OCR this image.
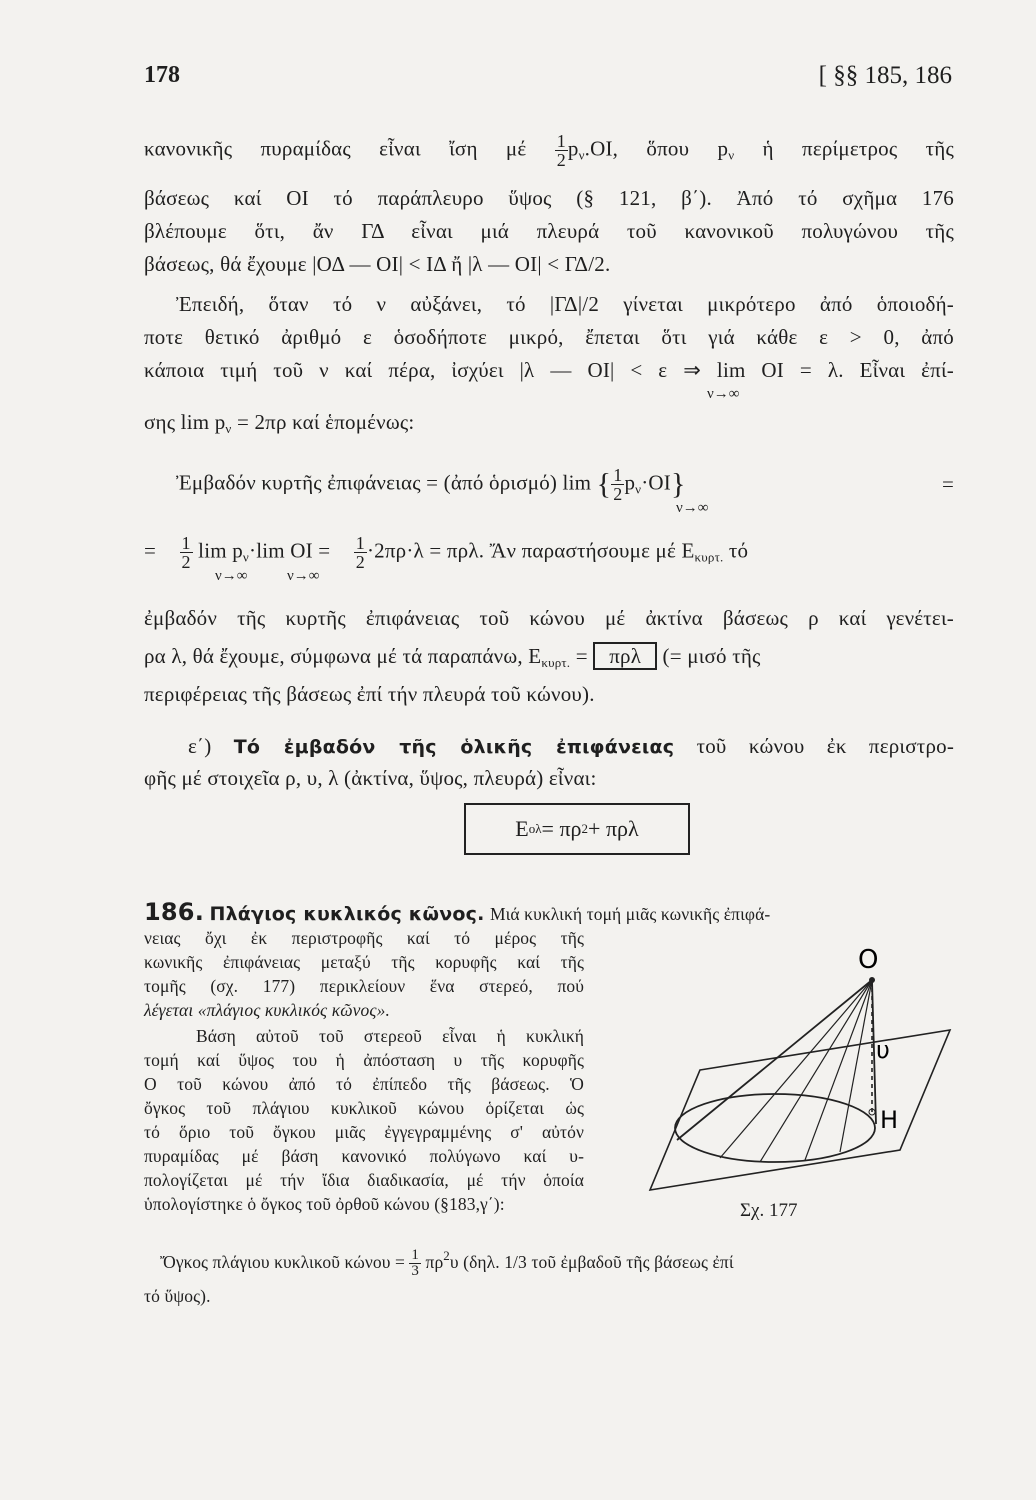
178	[ §§ 185, 186
κανονικῆς πυραμίδας εἶναι ἴση μέ $\frac{1}{2} p_\nu.OI$, ὅπου $p_\nu$ ἡ περίμετρος τῆς
βάσεως καί ΟΙ τό παράπλευρο ὕψος (§ 121, β΄). Ἀπό τό σχῆμα 176
βλέπουμε ὅτι, ἄν ΓΔ εἶναι μιά πλευρά τοῦ κανονικοῦ πολυγώνου τῆς
βάσεως, θά ἔχουμε |ΟΔ — ΟΙ| < ΙΔ ἤ |λ — ΟΙ| < ΓΔ/2.
Ἐπειδή, ὅταν τό ν αὐξάνει, τό |ΓΔ|/2 γίνεται μικρότερο ἀπό ὁποιοδή-
ποτε θετικό ἀριθμό ε ὁσοδήποτε μικρό, ἔπεται ὅτι γιά κάθε ε > 0, ἀπό
κάποια τιμή τοῦ ν καί πέρα, ἰσχύει |λ — ΟΙ| < ε ⇒ lim ΟΙ = λ. Εἶναι ἐπί-
ν→∞
σης $\lim p_\nu = 2\pi\rho$ καί ἑπομένως:
Ἐμβαδόν κυρτῆς ἐπιφάνειας = (ἀπό ὁρισμό) lim { $\frac{1}{2} p_\nu\cdot OI$}	=
ν→∞
= $\frac{1}{2}$ $\lim p_\nu\cdot\lim$ $OI = \frac{1}{2} \cdot 2\pi\rho\cdot\lambda = \pi\rho\lambda$. Ἄν παραστήσουμε μέ $E_{\kappa\upsilon\rho\tau.}$ τό
ν→∞	ν→∞
ἐμβαδόν τῆς κυρτῆς ἐπιφάνειας τοῦ κώνου μέ ἀκτίνα βάσεως ρ καί γενέτει-
ρα λ, θά ἔχουμε, σύμφωνα μέ τά παραπάνω, $E_{\kappa\upsilon\rho\tau.} = \pi\rho\lambda$ (= μισό τῆς
περιφέρειας τῆς βάσεως ἐπί τήν πλευρά τοῦ κώνου).
ε΄) Τό ἐμβαδόν τῆς ὁλικῆς ἐπιφάνειας τοῦ κώνου ἐκ περιστρο-
φῆς μέ στοιχεῖα ρ, υ, λ (ἀκτίνα, ὕψος, πλευρά) εἶναι:
Ε ολ = πρ 2 + πρλ
186. Πλάγιος κυκλικός κῶνος. Μιά κυκλική τομή μιᾶς κωνικῆς ἐπιφά-
νειας ὄχι ἐκ περιστροφῆς καί τό μέρος τῆς
κωνικῆς ἐπιφάνειας μεταξύ τῆς κορυφῆς καί τῆς
τομῆς (σχ. 177) περικλείουν ἕνα στερεό, πού
λέγεται «πλάγιος κυκλικός κῶνος».
Βάση αὐτοῦ τοῦ στερεοῦ εἶναι ἡ κυκλική
τομή καί ὕψος του ἡ ἀπόσταση υ τῆς κορυφῆς
Ο τοῦ κώνου ἀπό τό ἐπίπεδο τῆς βάσεως. Ὁ
ὄγκος τοῦ πλάγιου κυκλικοῦ κώνου ὁρίζεται ὡς
τό ὅριο τοῦ ὄγκου μιᾶς ἐγγεγραμμένης σ' αὐτόν
πυραμίδας μέ βάση κανονικό πολύγωνο καί υ-
πολογίζεται μέ τήν ἴδια διαδικασία, μέ τήν ὁποία
ὑπολογίστηκε ὁ ὄγκος τοῦ ὀρθοῦ κώνου (§183,γ΄):
Ὄγκος πλάγιου κυκλικοῦ $\kappa ώ\nu o\upsilon = \frac{1}{3} \pi\rho^2\upsilon$ (δηλ. 1/3 τοῦ ἐμβαδοῦ τῆς βάσεως ἐπί
τό ὕψος).
O
υ
H
Σχ. 177
